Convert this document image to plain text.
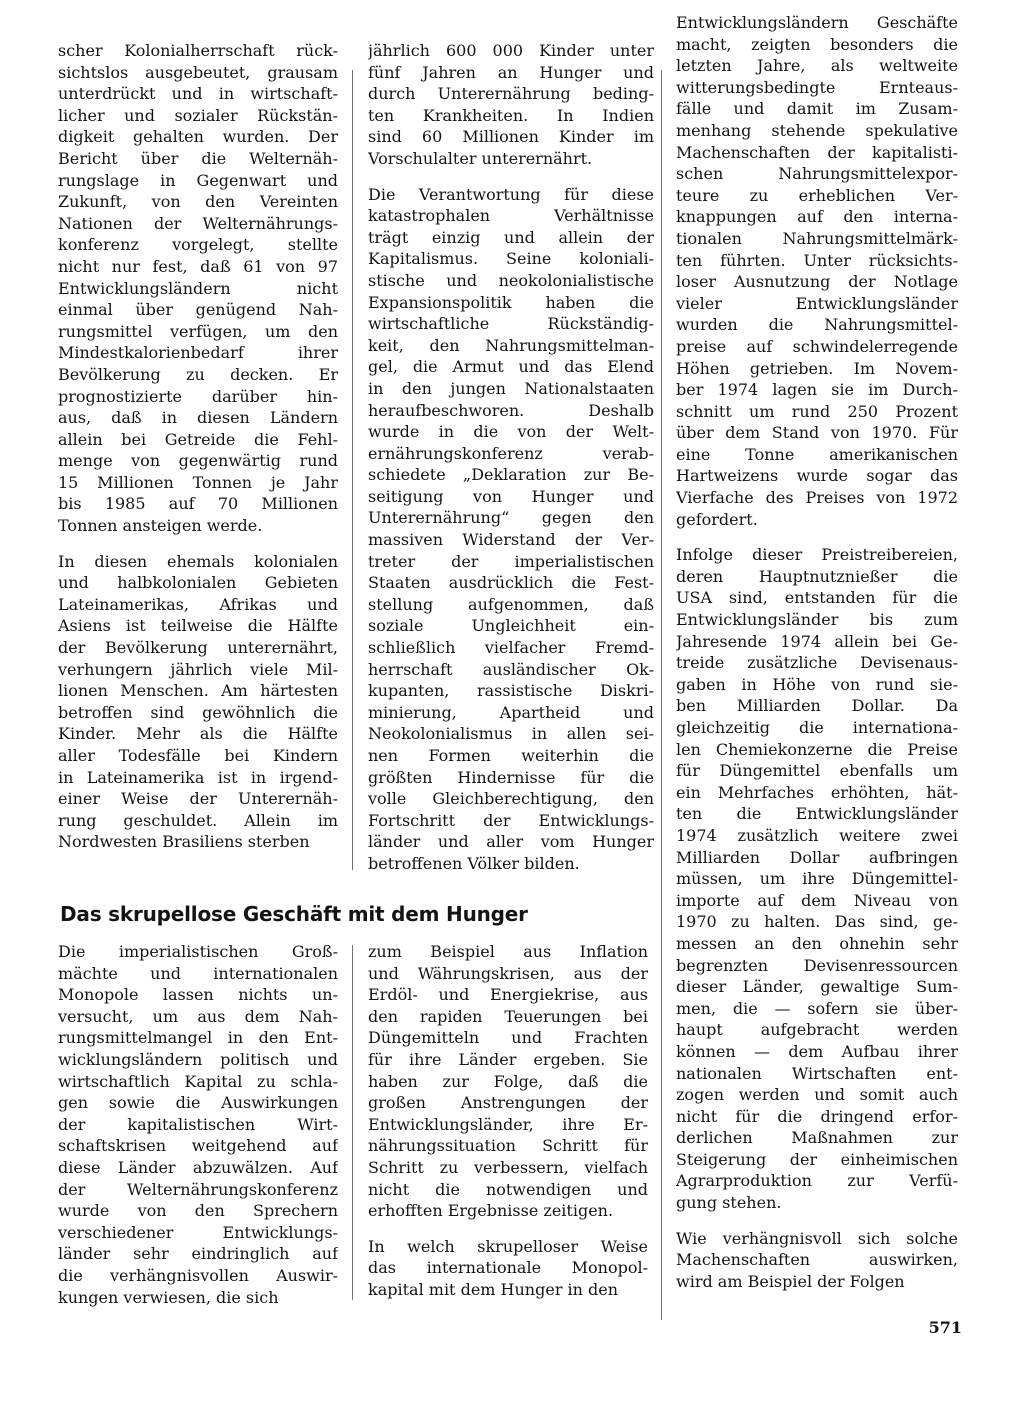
scher Kolonialherrschaft rück-
sichtslos ausgebeutet, grausam
unterdrückt und in wirtschaft-
licher und sozialer Rückstän-
digkeit gehalten wurden. Der
Bericht über die Welternäh-
rungslage in Gegenwart und
Zukunft, von den Vereinten
Nationen der Welternährungs-
konferenz vorgelegt, stellte
nicht nur fest, daß 61 von 97
Entwicklungsländern nicht
einmal über genügend Nah-
rungsmittel verfügen, um den
Mindestkalorienbedarf ihrer
Bevölkerung zu decken. Er
prognostizierte darüber hin-
aus, daß in diesen Ländern
allein bei Getreide die Fehl-
menge von gegenwärtig rund
15 Millionen Tonnen je Jahr
bis 1985 auf 70 Millionen
Tonnen ansteigen werde.

In diesen ehemals kolonialen
und halbkolonialen Gebieten
Lateinamerikas, Afrikas und
Asiens ist teilweise die Hälfte
der Bevölkerung unterernährt,
verhungern jährlich viele Mil-
lionen Menschen. Am härtesten
betroffen sind gewöhnlich die
Kinder. Mehr als die Hälfte
aller Todesfälle bei Kindern
in Lateinamerika ist in irgend-
einer Weise der Unterernäh-
rung geschuldet. Allein im
Nordwesten Brasiliens sterben

jährlich 600 000 Kinder unter
fünf Jahren an Hunger und
durch Unterernährung beding-
ten Krankheiten. In Indien
sind 60 Millionen Kinder im
Vorschulalter unterernährt.

Die Verantwortung für diese
katastrophalen Verhältnisse
trägt einzig und allein der
Kapitalismus. Seine koloniali-
stische und neokolonialistische
Expansionspolitik haben die
wirtschaftliche Rückständig-
keit, den Nahrungsmittelman-
gel, die Armut und das Elend
in den jungen Nationalstaaten
heraufbeschworen. Deshalb
wurde in die von der Welt-
ernährungskonferenz verab-
schiedete „Deklaration zur Be-
seitigung von Hunger und
Unterernährung“ gegen den
massiven Widerstand der Ver-
treter der imperialistischen
Staaten ausdrücklich die Fest-
stellung aufgenommen, daß
soziale Ungleichheit ein-
schließlich vielfacher Fremd-
herrschaft ausländischer Ok-
kupanten, rassistische Diskri-
minierung, Apartheid und
Neokolonialismus in allen sei-
nen Formen weiterhin die
größten Hindernisse für die
volle Gleichberechtigung, den
Fortschritt der Entwicklungs-
länder und aller vom Hunger
betroffenen Völker bilden.

Das skrupellose Geschäft mit dem Hunger

Die imperialistischen Groß-
mächte und internationalen
Monopole lassen nichts un-
versucht, um aus dem Nah-
rungsmittelmangel in den Ent-
wicklungsländern politisch und
wirtschaftlich Kapital zu schla-
gen sowie die Auswirkungen
der kapitalistischen Wirt-
schaftskrisen weitgehend auf
diese Länder abzuwälzen. Auf
der Welternährungskonferenz
wurde von den Sprechern
verschiedener Entwicklungs-
länder sehr eindringlich auf
die verhängnisvollen Auswir-
kungen verwiesen, die sich

zum Beispiel aus Inflation
und Währungskrisen, aus der
Erdöl- und Energiekrise, aus
den rapiden Teuerungen bei
Düngemitteln und Frachten
für ihre Länder ergeben. Sie
haben zur Folge, daß die
großen Anstrengungen der
Entwicklungsländer, ihre Er-
nährungssituation Schritt für
Schritt zu verbessern, vielfach
nicht die notwendigen und
erhofften Ergebnisse zeitigen.

In welch skrupelloser Weise
das internationale Monopol-
kapital mit dem Hunger in den

Entwicklungsländern Geschäfte
macht, zeigten besonders die
letzten Jahre, als weltweite
witterungsbedingte Ernteaus-
fälle und damit im Zusam-
menhang stehende spekulative
Machenschaften der kapitalisti-
schen Nahrungsmittelexpor-
teure zu erheblichen Ver-
knappungen auf den interna-
tionalen Nahrungsmittelmärk-
ten führten. Unter rücksichts-
loser Ausnutzung der Notlage
vieler Entwicklungsländer
wurden die Nahrungsmittel-
preise auf schwindelerregende
Höhen getrieben. Im Novem-
ber 1974 lagen sie im Durch-
schnitt um rund 250 Prozent
über dem Stand von 1970. Für
eine Tonne amerikanischen
Hartweizens wurde sogar das
Vierfache des Preises von 1972
gefordert.

Infolge dieser Preistreibereien,
deren Hauptnutznießer die
USA sind, entstanden für die
Entwicklungsländer bis zum
Jahresende 1974 allein bei Ge-
treide zusätzliche Devisenaus-
gaben in Höhe von rund sie-
ben Milliarden Dollar. Da
gleichzeitig die internationa-
len Chemiekonzerne die Preise
für Düngemittel ebenfalls um
ein Mehrfaches erhöhten, hät-
ten die Entwicklungsländer
1974 zusätzlich weitere zwei
Milliarden Dollar aufbringen
müssen, um ihre Düngemittel-
importe auf dem Niveau von
1970 zu halten. Das sind, ge-
messen an den ohnehin sehr
begrenzten Devisenressourcen
dieser Länder, gewaltige Sum-
men, die — sofern sie über-
haupt aufgebracht werden
können — dem Aufbau ihrer
nationalen Wirtschaften ent-
zogen werden und somit auch
nicht für die dringend erfor-
derlichen Maßnahmen zur
Steigerung der einheimischen
Agrarproduktion zur Verfü-
gung stehen.

Wie verhängnisvoll sich solche
Machenschaften auswirken,
wird am Beispiel der Folgen

571
